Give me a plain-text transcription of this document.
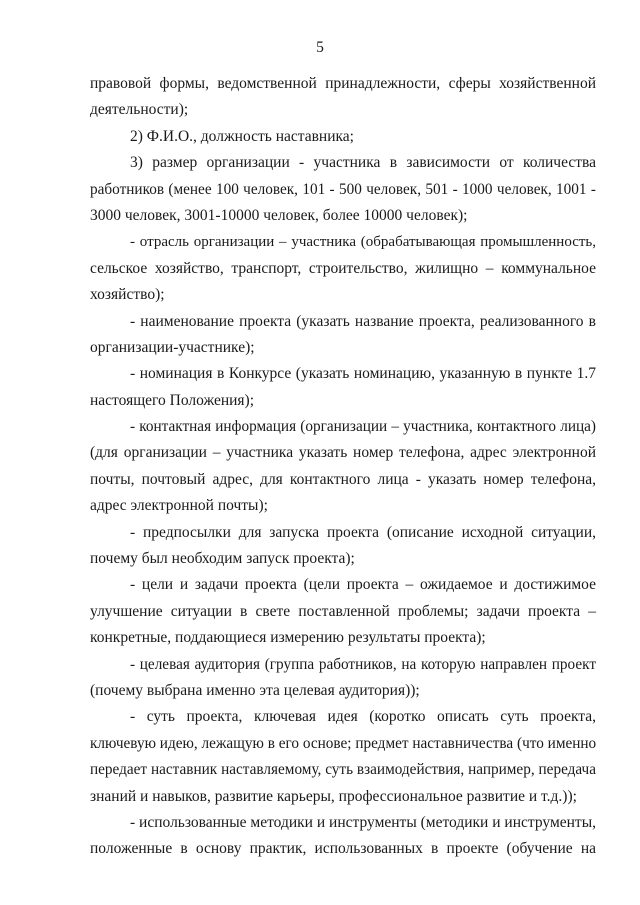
5
правовой формы, ведомственной принадлежности, сферы хозяйственной
деятельности);
2) Ф.И.О., должность наставника;
3) размер организации - участника в зависимости от количества
работников (менее 100 человек, 101 - 500 человек, 501 - 1000 человек, 1001 -
3000 человек, 3001-10000 человек, более 10000 человек);
- отрасль организации – участника (обрабатывающая промышленность,
сельское хозяйство, транспорт, строительство, жилищно – коммунальное
хозяйство);
- наименование проекта (указать название проекта, реализованного в
организации-участнике);
- номинация в Конкурсе (указать номинацию, указанную в пункте 1.7
настоящего Положения);
- контактная информация (организации – участника, контактного лица)
(для организации – участника указать номер телефона, адрес электронной
почты, почтовый адрес, для контактного лица - указать номер телефона,
адрес электронной почты);
- предпосылки для запуска проекта (описание исходной ситуации,
почему был необходим запуск проекта);
- цели и задачи проекта (цели проекта – ожидаемое и достижимое
улучшение ситуации в свете поставленной проблемы; задачи проекта –
конкретные, поддающиеся измерению результаты проекта);
- целевая аудитория (группа работников, на которую направлен проект
(почему выбрана именно эта целевая аудитория));
- суть проекта, ключевая идея (коротко описать суть проекта,
ключевую идею, лежащую в его основе; предмет наставничества (что именно
передает наставник наставляемому, суть взаимодействия, например, передача
знаний и навыков, развитие карьеры, профессиональное развитие и т.д.));
- использованные методики и инструменты (методики и инструменты,
положенные в основу практик, использованных в проекте (обучение на
